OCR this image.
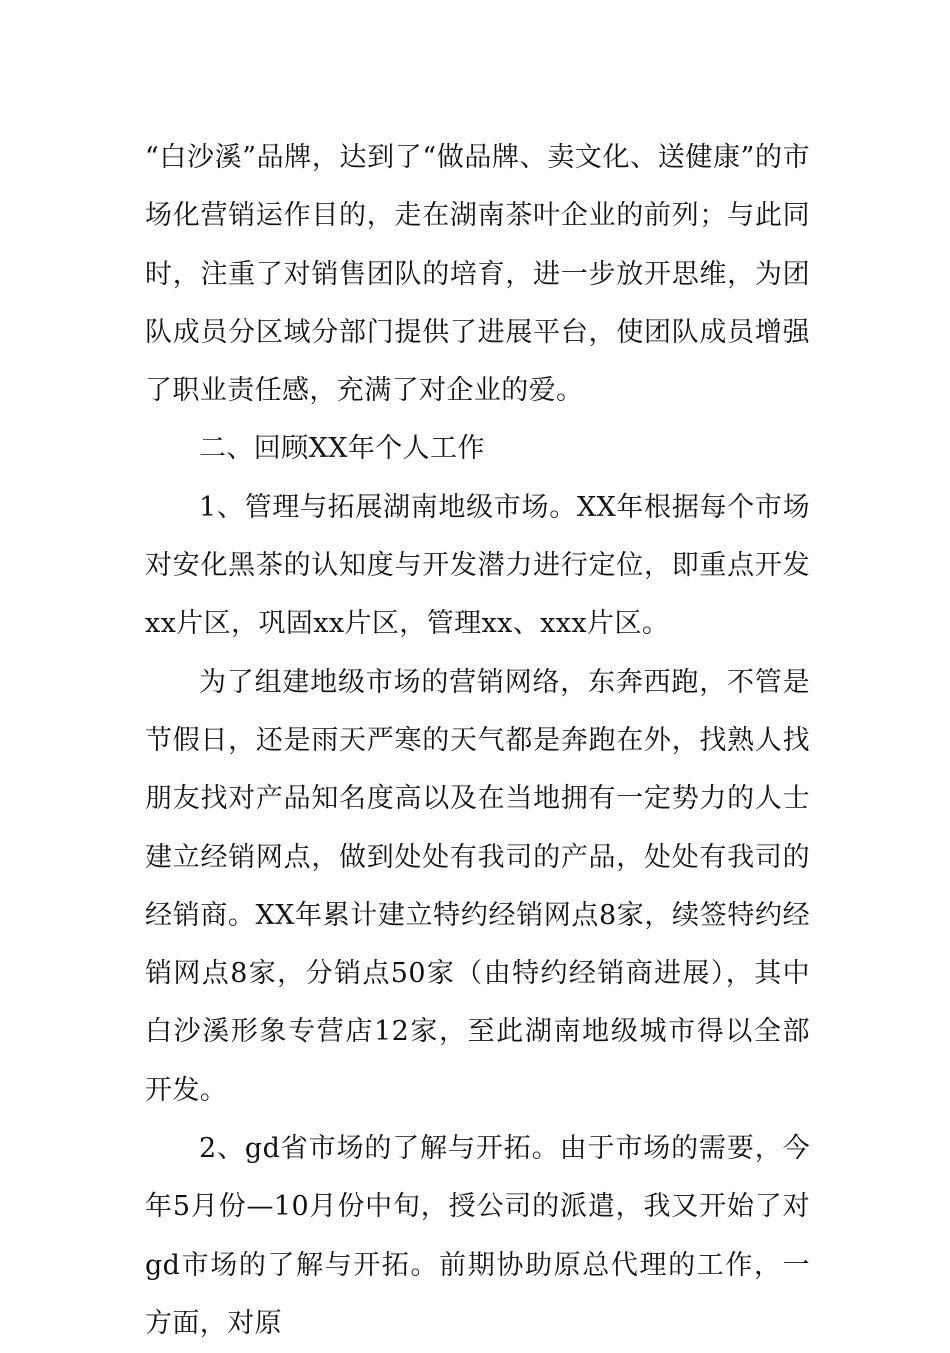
“白沙溪”品牌，达到了“做品牌、卖文化、送健康”的市场化营销运作目的，走在湖南茶叶企业的前列；与此同时，注重了对销售团队的培育，进一步放开思维，为团队成员分区域分部门提供了进展平台，使团队成员增强了职业责任感，充满了对企业的爱。

二、回顾XX年个人工作

1、管理与拓展湖南地级市场。XX年根据每个市场对安化黑茶的认知度与开发潜力进行定位，即重点开发xx片区，巩固xx片区，管理xx、xxx片区。

为了组建地级市场的营销网络，东奔西跑，不管是节假日，还是雨天严寒的天气都是奔跑在外，找熟人找朋友找对产品知名度高以及在当地拥有一定势力的人士建立经销网点，做到处处有我司的产品，处处有我司的经销商。XX年累计建立特约经销网点8家，续签特约经销网点8家，分销点50家（由特约经销商进展），其中白沙溪形象专营店12家，至此湖南地级城市得以全部开发。

2、gd省市场的了解与开拓。由于市场的需要，今年5月份—10月份中旬，授公司的派遣，我又开始了对gd市场的了解与开拓。前期协助原总代理的工作，一方面，对原
